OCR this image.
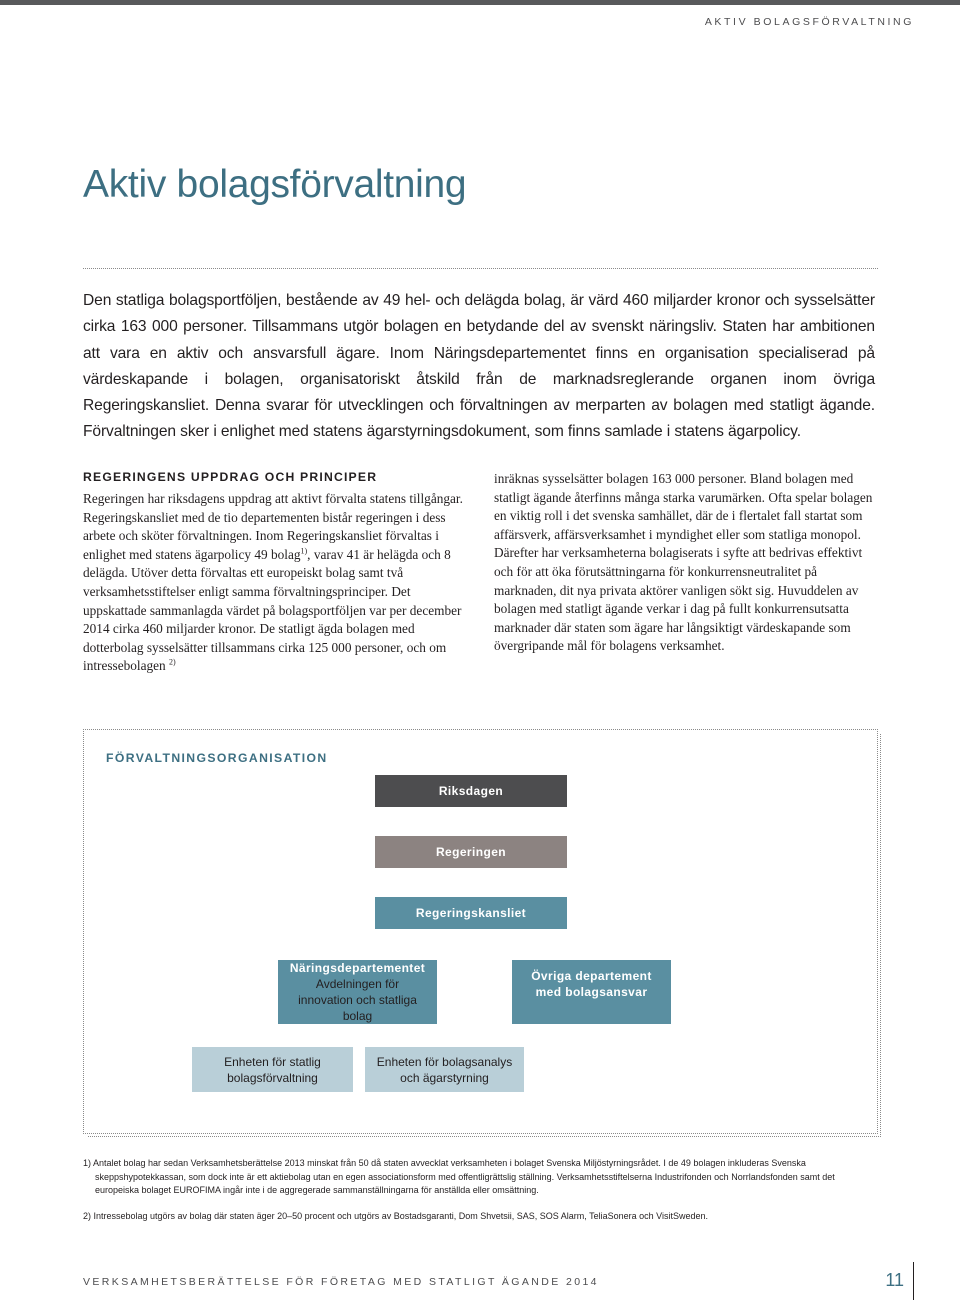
AKTIV BOLAGSFÖRVALTNING
Aktiv bolagsförvaltning

Den statliga bolagsportföljen, bestående av 49 hel- och delägda bolag, är värd 460 miljarder kronor och sysselsätter cirka 163 000 personer. Tillsammans utgör bolagen en betydande del av svenskt näringsliv. Staten har ambitionen att vara en aktiv och ansvarsfull ägare. Inom Näringsdepartementet finns en organisation specialiserad på värdeskapande i bolagen, organisatoriskt åtskild från de marknadsreglerande organen inom övriga Regeringskansliet. Denna svarar för utvecklingen och förvaltningen av merparten av bolagen med statligt ägande. Förvaltningen sker i enlighet med statens ägarstyrningsdokument, som finns samlade i statens ägarpolicy.

REGERINGENS UPPDRAG OCH PRINCIPER

Regeringen har riksdagens uppdrag att aktivt förvalta statens tillgångar. Regeringskansliet med de tio departementen bistår regeringen i dess arbete och sköter förvaltningen. Inom Regeringskansliet förvaltas i enlighet med statens ägarpolicy 49 bolag$^{1)}$, varav 41 är helägda och 8 delägda. Utöver detta förvaltas ett europeiskt bolag samt två verksamhetsstiftelser enligt samma förvaltningsprinciper. Det uppskattade sammanlagda värdet på bolagsportföljen var per december 2014 cirka 460 miljarder kronor. De statligt ägda bolagen med dotterbolag sysselsätter tillsammans cirka 125 000 personer, och om intressebolagen $^{2)}$

inräknas sysselsätter bolagen 163 000 personer. Bland bolagen med statligt ägande återfinns många starka varumärken. Ofta spelar bolagen en viktig roll i det svenska samhället, där de i flertalet fall startat som affärsverk, affärsverksamhet i myndighet eller som statliga monopol. Därefter har verksamheterna bolagiserats i syfte att bedrivas effektivt och för att öka förutsättningarna för konkurrensneutralitet på marknaden, dit nya privata aktörer vanligen sökt sig. Huvuddelen av bolagen med statligt ägande verkar i dag på fullt konkurrensutsatta marknader där staten som ägare har långsiktigt värdeskapande som övergripande mål för bolagens verksamhet.

FÖRVALTNINGSORGANISATION
Riksdagen
Regeringen
Regeringskansliet
Näringsdepartementet
Avdelningen för innovation och statliga bolag
Övriga departement med bolagsansvar
Enheten för statlig bolagsförvaltning
Enheten för bolagsanalys och ägarstyrning

1) Antalet bolag har sedan Verksamhetsberättelse 2013 minskat från 50 då staten avvecklat verksamheten i bolaget Svenska Miljöstyrningsrådet. I de 49 bolagen inkluderas Svenska skeppshypotekkassan, som dock inte är ett aktiebolag utan en egen associationsform med offentligrättslig ställning. Verksamhetsstiftelserna Industrifonden och Norrlandsfonden samt det europeiska bolaget EUROFIMA ingår inte i de aggregerade sammanställningarna för anställda eller omsättning.

2) Intressebolag utgörs av bolag där staten äger 20–50 procent och utgörs av Bostadsgaranti, Dom Shvetsii, SAS, SOS Alarm, TeliaSonera och VisitSweden.

VERKSAMHETSBERÄTTELSE FÖR FÖRETAG MED STATLIGT ÄGANDE 2014	11
